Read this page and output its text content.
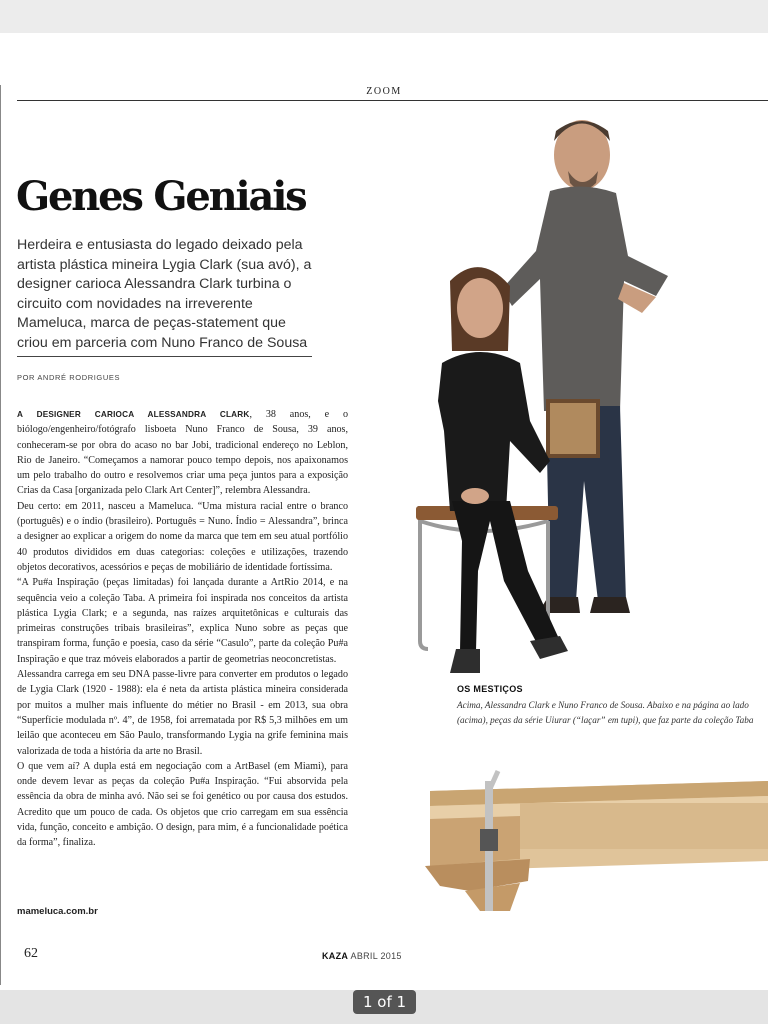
ZOOM
Genes Geniais
Herdeira e entusiasta do legado deixado pela artista plástica mineira Lygia Clark (sua avó), a designer carioca Alessandra Clark turbina o circuito com novidades na irreverente Mameluca, marca de peças-statement que criou em parceria com Nuno Franco de Sousa
POR ANDRÉ RODRIGUES

A DESIGNER CARIOCA ALESSANDRA CLARK, 38 anos, e o biólogo/engenheiro/fotógrafo lisboeta Nuno Franco de Sousa, 39 anos, conheceram-se por obra do acaso no bar Jobi, tradicional endereço no Leblon, Rio de Janeiro. “Começamos a namorar pouco tempo depois, nos apaixonamos um pelo trabalho do outro e resolvemos criar uma peça juntos para a exposição Crias da Casa [organizada pelo Clark Art Center]”, relembra Alessandra.

Deu certo: em 2011, nasceu a Mameluca. “Uma mistura racial entre o branco (português) e o índio (brasileiro). Português = Nuno. Índio = Alessandra”, brinca a designer ao explicar a origem do nome da marca que tem em seu atual portfólio 40 produtos divididos em duas categorias: coleções e utilizações, trazendo objetos decorativos, acessórios e peças de mobiliário de identidade fortíssima.

“A Pu#a Inspiração (peças limitadas) foi lançada durante a ArtRio 2014, e na sequência veio a coleção Taba. A primeira foi inspirada nos conceitos da artista plástica Lygia Clark; e a segunda, nas raízes arquitetônicas e culturais das primeiras construções tribais brasileiras”, explica Nuno sobre as peças que transpiram forma, função e poesia, caso da série “Casulo”, parte da coleção Pu#a Inspiração e que traz móveis elaborados a partir de geometrias neoconcretistas.

Alessandra carrega em seu DNA passe-livre para converter em produtos o legado de Lygia Clark (1920 - 1988): ela é neta da artista plástica mineira considerada por muitos a mulher mais influente do métier no Brasil - em 2013, sua obra “Superfície modulada nº. 4”, de 1958, foi arrematada por R$ 5,3 milhões em um leilão que aconteceu em São Paulo, transformando Lygia na grife feminina mais valorizada de toda a história da arte no Brasil.

O que vem aí? A dupla está em negociação com a ArtBasel (em Miami), para onde devem levar as peças da coleção Pu#a Inspiração. “Fui absorvida pela essência da obra de minha avó. Não sei se foi genético ou por causa dos estudos. Acredito que um pouco de cada. Os objetos que crio carregam em sua essência vida, função, conceito e ambição. O design, para mim, é a funcionalidade poética da forma”, finaliza.

mameluca.com.br
OS MESTIÇOS
Acima, Alessandra Clark e Nuno Franco de Sousa. Abaixo e na página ao lado (acima), peças da série Uiurar (“laçar” em tupi), que faz parte da coleção Taba
62	KAZA ABRIL 2015
1 of 1
